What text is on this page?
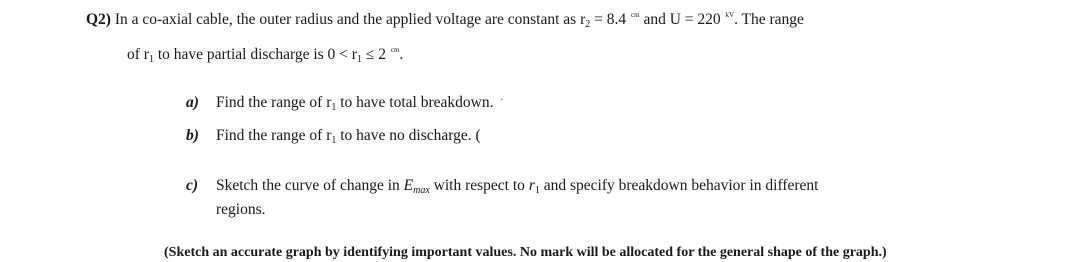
Q2) In a co-axial cable, the outer radius and the applied voltage are constant as $r_2 = 8.4$ $^{cm}$ and U = 220 $^{kV}$. The range
of $r_1$ to have partial discharge is $0 < r_1 \le 2$ $^{cm}$.
a) Find the range of $r_1$ to have total breakdown. ´
b) Find the range of $r_1$ to have no discharge. (
c) Sketch the curve of change in Emax with respect to $r_1$ and specify breakdown behavior in different
regions.
(Sketch an accurate graph by identifying important values. No mark will be allocated for the general shape of the graph.)
